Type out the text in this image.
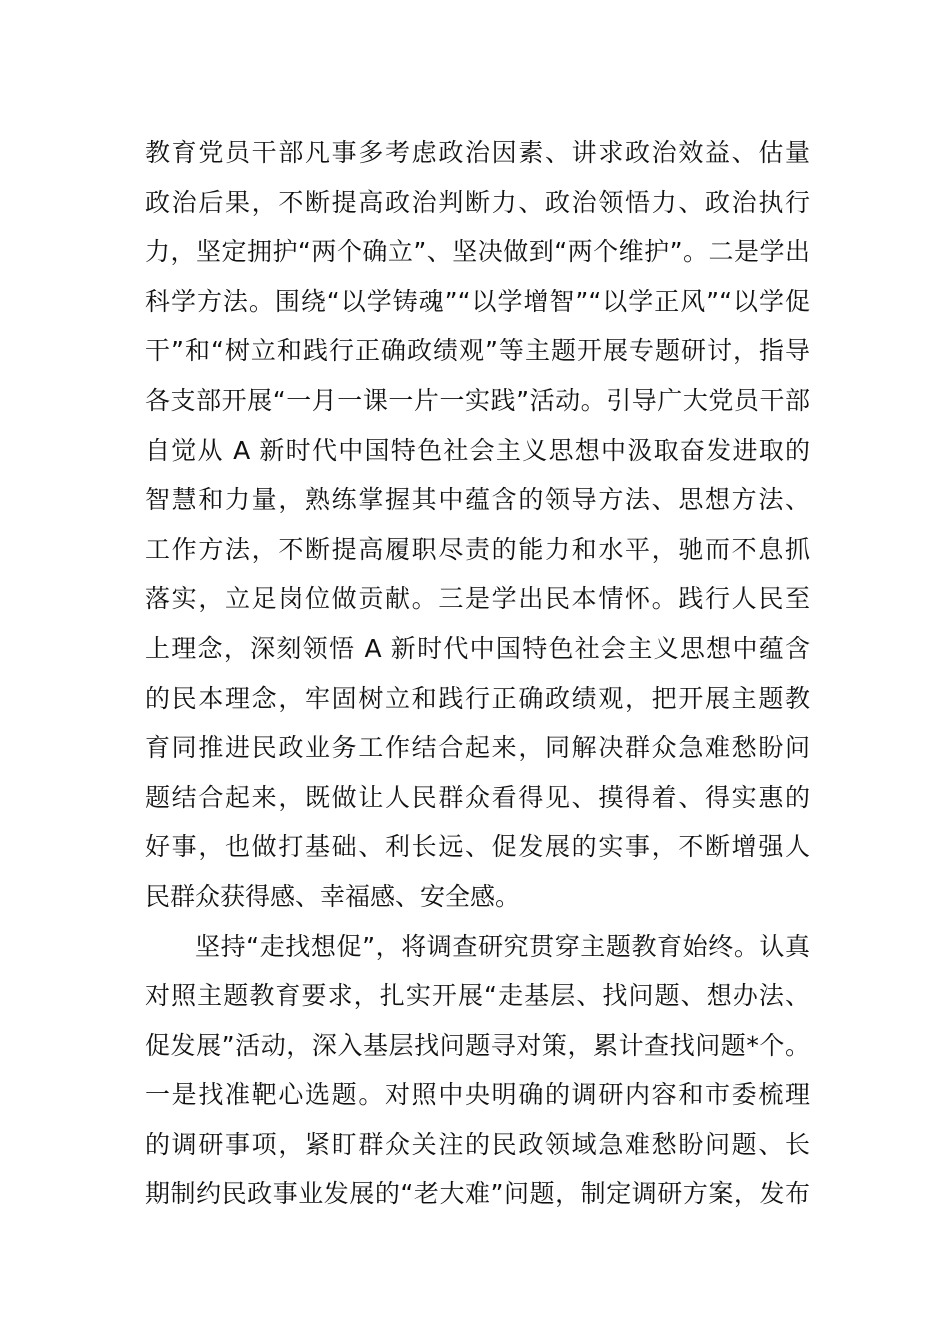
教育党员干部凡事多考虑政治因素、讲求政治效益、估量
政治后果，不断提高政治判断力、政治领悟力、政治执行
力，坚定拥护“两个确立”、坚决做到“两个维护”。二是学出
科学方法。围绕“以学铸魂”“以学增智”“以学正风”“以学促
干”和“树立和践行正确政绩观”等主题开展专题研讨，指导
各支部开展“一月一课一片一实践”活动。引导广大党员干部
自觉从 A 新时代中国特色社会主义思想中汲取奋发进取的
智慧和力量，熟练掌握其中蕴含的领导方法、思想方法、
工作方法，不断提高履职尽责的能力和水平，驰而不息抓
落实，立足岗位做贡献。三是学出民本情怀。践行人民至
上理念，深刻领悟 A 新时代中国特色社会主义思想中蕴含
的民本理念，牢固树立和践行正确政绩观，把开展主题教
育同推进民政业务工作结合起来，同解决群众急难愁盼问
题结合起来，既做让人民群众看得见、摸得着、得实惠的
好事，也做打基础、利长远、促发展的实事，不断增强人
民群众获得感、幸福感、安全感。
坚持“走找想促”，将调查研究贯穿主题教育始终。认真
对照主题教育要求，扎实开展“走基层、找问题、想办法、
促发展”活动，深入基层找问题寻对策，累计查找问题*个。
一是找准靶心选题。对照中央明确的调研内容和市委梳理
的调研事项，紧盯群众关注的民政领域急难愁盼问题、长
期制约民政事业发展的“老大难”问题，制定调研方案，发布
